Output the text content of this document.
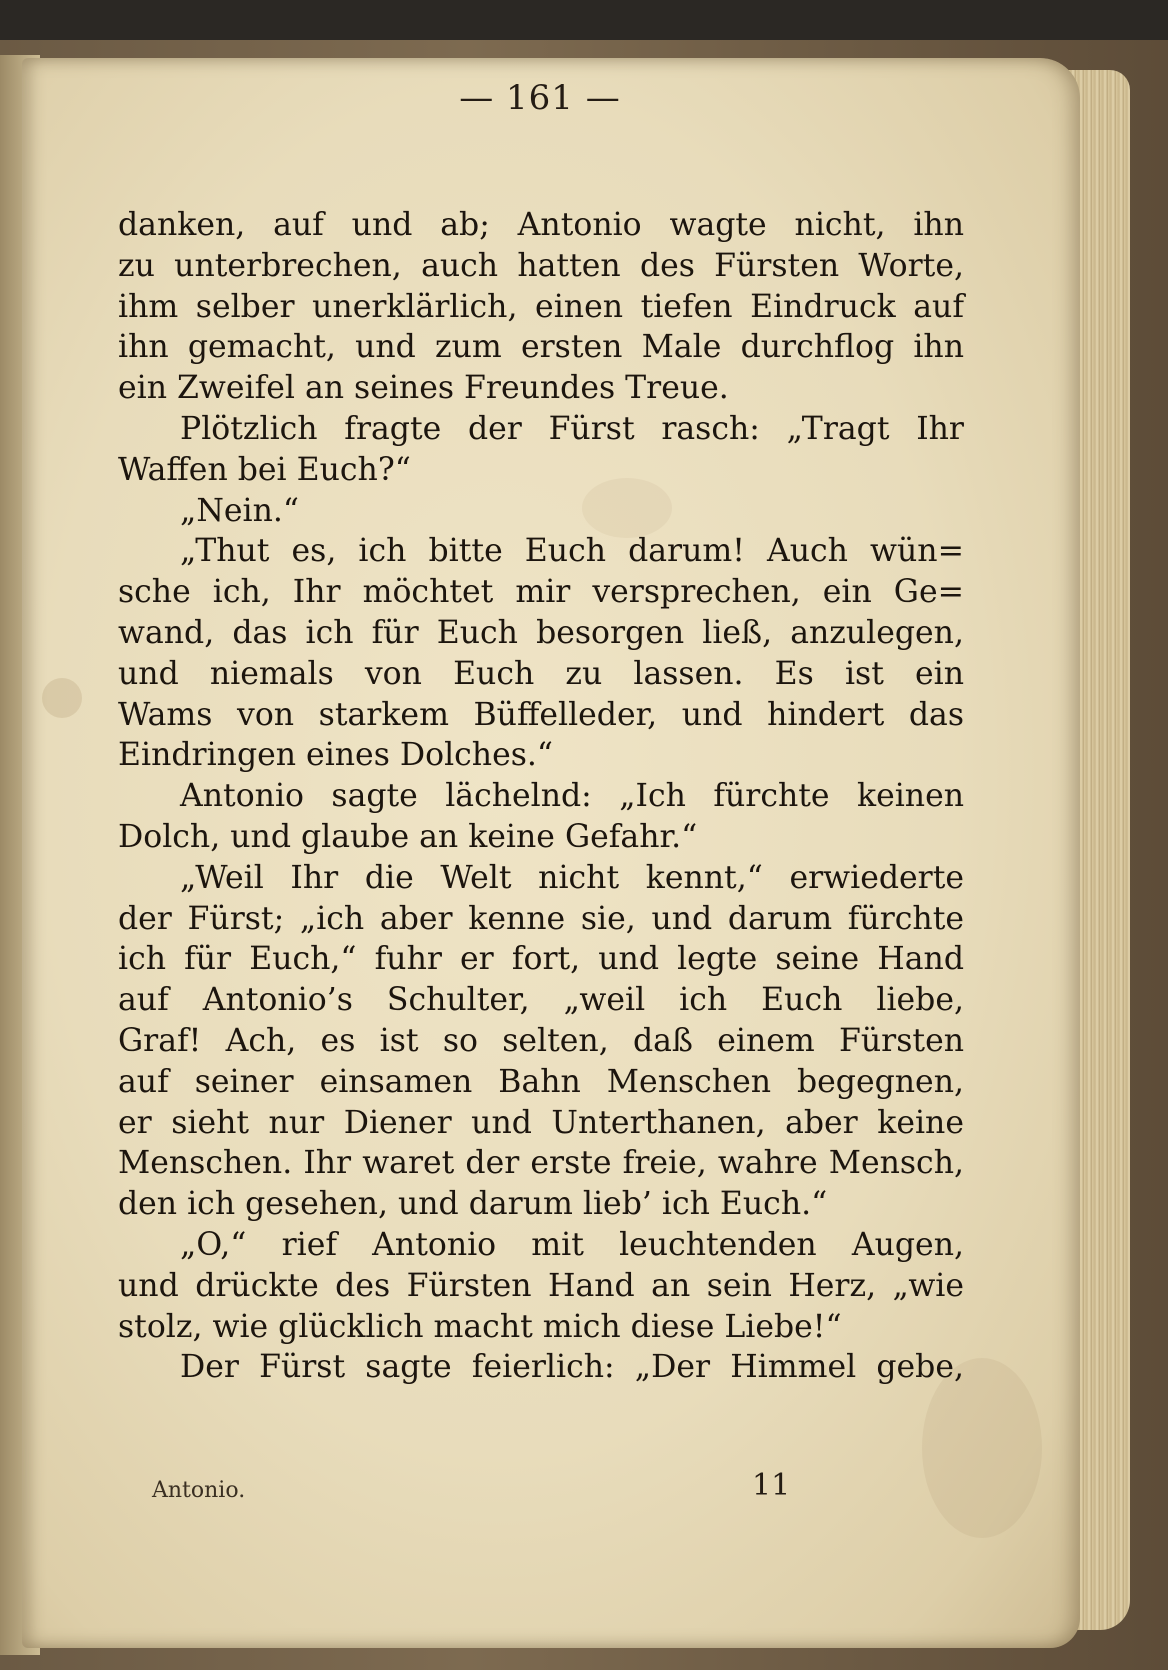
— 161 —
danken, auf und ab; Antonio wagte nicht, ihn
zu unterbrechen, auch hatten des Fürsten Worte,
ihm selber unerklärlich, einen tiefen Eindruck auf
ihn gemacht, und zum ersten Male durchflog ihn
ein Zweifel an seines Freundes Treue.
Plötzlich fragte der Fürst rasch: „Tragt Ihr
Waffen bei Euch?“
„Nein.“
„Thut es, ich bitte Euch darum! Auch wün=
sche ich, Ihr möchtet mir versprechen, ein Ge=
wand, das ich für Euch besorgen ließ, anzulegen,
und niemals von Euch zu lassen. Es ist ein
Wams von starkem Büffelleder, und hindert das
Eindringen eines Dolches.“
Antonio sagte lächelnd: „Ich fürchte keinen
Dolch, und glaube an keine Gefahr.“
„Weil Ihr die Welt nicht kennt,“ erwiederte
der Fürst; „ich aber kenne sie, und darum fürchte
ich für Euch,“ fuhr er fort, und legte seine Hand
auf Antonio’s Schulter, „weil ich Euch liebe,
Graf! Ach, es ist so selten, daß einem Fürsten
auf seiner einsamen Bahn Menschen begegnen,
er sieht nur Diener und Unterthanen, aber keine
Menschen. Ihr waret der erste freie, wahre Mensch,
den ich gesehen, und darum lieb’ ich Euch.“
„O,“ rief Antonio mit leuchtenden Augen,
und drückte des Fürsten Hand an sein Herz, „wie
stolz, wie glücklich macht mich diese Liebe!“
Der Fürst sagte feierlich: „Der Himmel gebe,
Antonio.	11
